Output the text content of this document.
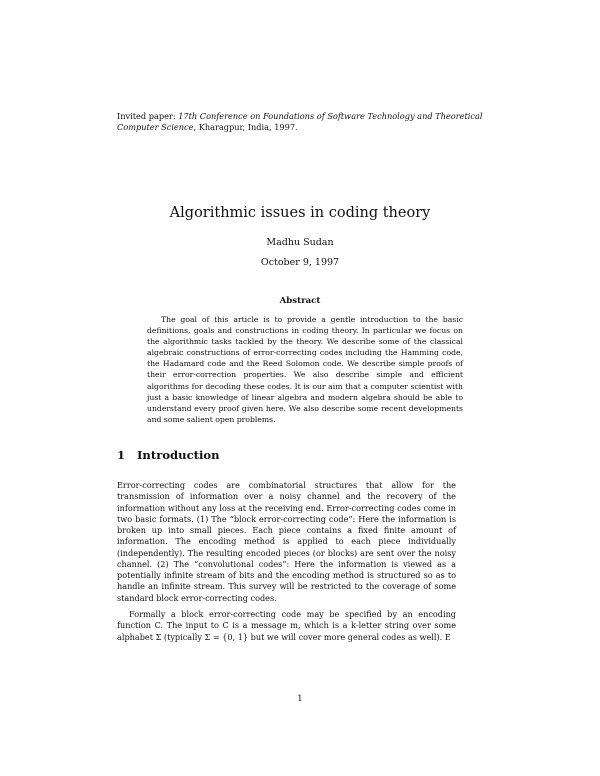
Invited paper: 17th Conference on Foundations of Software Technology and Theoretical Computer Science, Kharagpur, India, 1997.
Algorithmic issues in coding theory
Madhu Sudan
October 9, 1997
Abstract

The goal of this article is to provide a gentle introduction to the basic definitions, goals and constructions in coding theory. In particular we focus on the algorithmic tasks tackled by the theory. We describe some of the classical algebraic constructions of error-correcting codes including the Hamming code, the Hadamard code and the Reed Solomon code. We describe simple proofs of their error-correction properties. We also describe simple and efficient algorithms for decoding these codes. It is our aim that a computer scientist with just a basic knowledge of linear algebra and modern algebra should be able to understand every proof given here. We also describe some recent developments and some salient open problems.

1 Introduction

Error-correcting codes are combinatorial structures that allow for the transmission of information over a noisy channel and the recovery of the information without any loss at the receiving end. Error-correcting codes come in two basic formats. (1) The “block error-correcting code”: Here the information is broken up into small pieces. Each piece contains a fixed finite amount of information. The encoding method is applied to each piece individually (independently). The resulting encoded pieces (or blocks) are sent over the noisy channel. (2) The “convolutional codes”: Here the information is viewed as a potentially infinite stream of bits and the encoding method is structured so as to handle an infinite stream. This survey will be restricted to the coverage of some standard block error-correcting codes.

Formally a block error-correcting code may be specified by an encoding function C. The input to C is a message m, which is a k-letter string over some alphabet Σ (typically Σ = {0, 1} but we will cover more general codes as well). E

1
